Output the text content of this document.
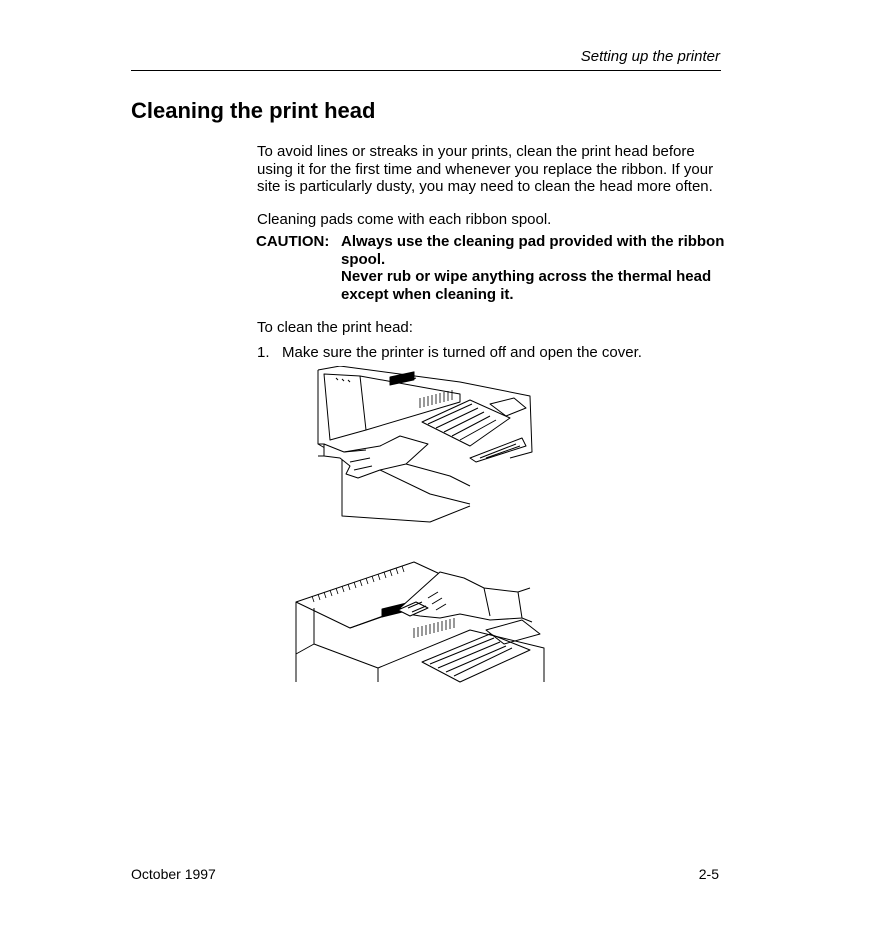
Setting up the printer
Cleaning the print head

To avoid lines or streaks in your prints, clean the print head before using it for the first time and whenever you replace the ribbon. If your site is particularly dusty, you may need to clean the head more often.

Cleaning pads come with each ribbon spool.

CAUTION: Always use the cleaning pad provided with the ribbon spool.
Never rub or wipe anything across the thermal head except when cleaning it.

To clean the print head:

1. Make sure the printer is turned off and open the cover.
October 1997	2-5
